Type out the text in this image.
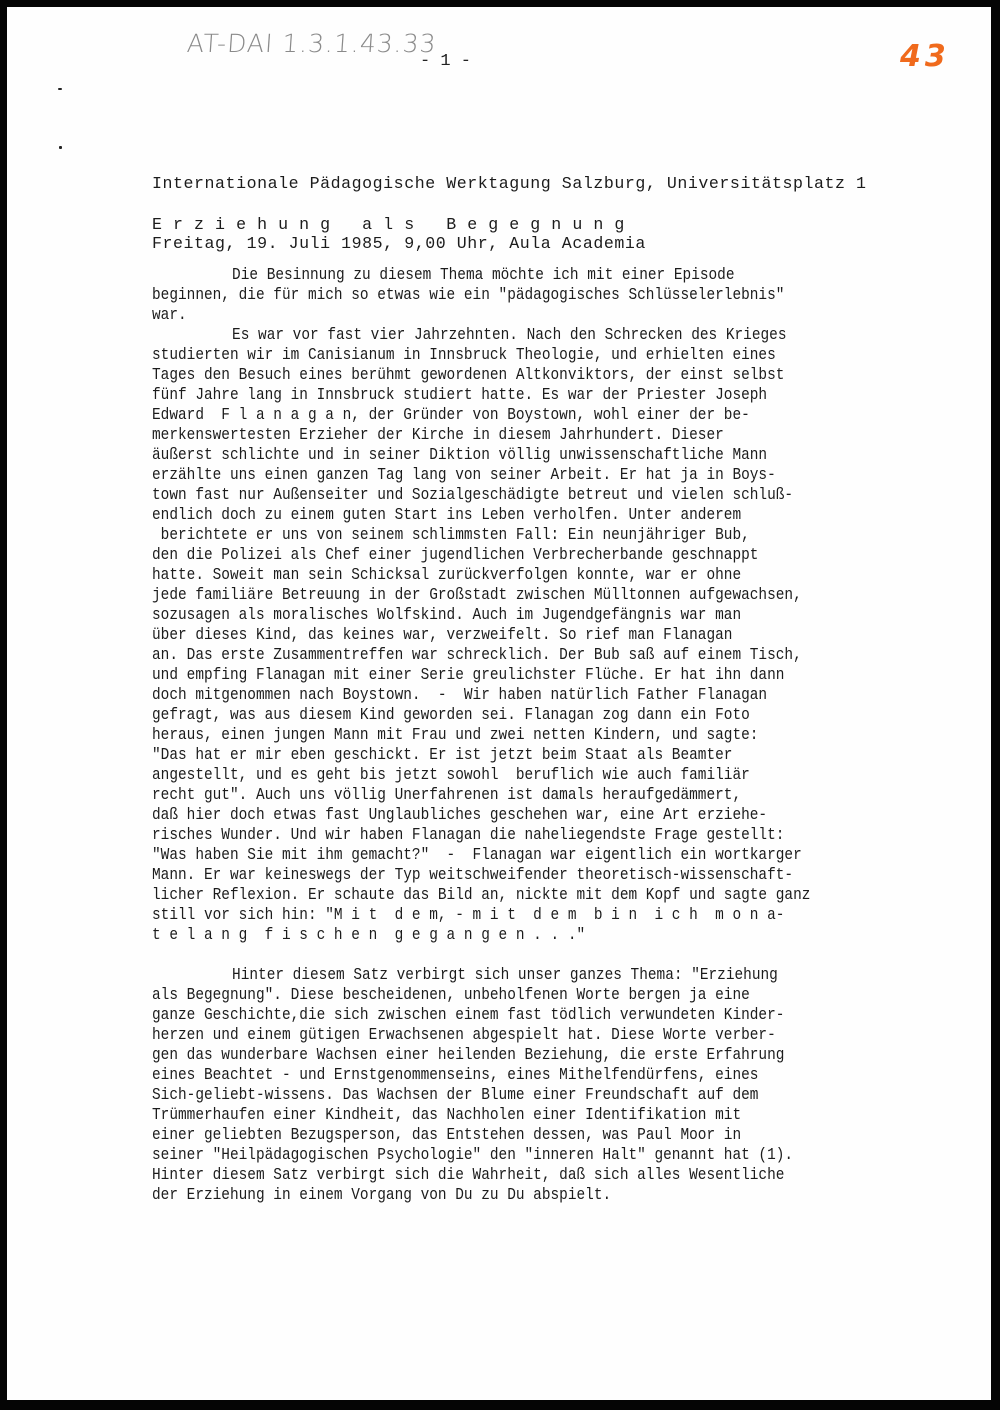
AT-DAI 1.3.1.43.33
- 1 -	43

Internationale Pädagogische Werktagung Salzburg, Universitätsplatz 1

Freitag, 19. Juli 1985, 9,00 Uhr, Aula Academia

E r z i e h u n g   a l s   B e g e g n u n g
Die Besinnung zu diesem Thema möchte ich mit einer Episode
beginnen, die für mich so etwas wie ein "pädagogisches Schlüsselerlebnis"
war.
Es war vor fast vier Jahrzehnten. Nach den Schrecken des Krieges
studierten wir im Canisianum in Innsbruck Theologie, und erhielten eines
Tages den Besuch eines berühmt gewordenen Altkonviktors, der einst selbst
fünf Jahre lang in Innsbruck studiert hatte. Es war der Priester Joseph
Edward  F l a n a g a n, der Gründer von Boystown, wohl einer der be-
merkenswertesten Erzieher der Kirche in diesem Jahrhundert. Dieser
äußerst schlichte und in seiner Diktion völlig unwissenschaftliche Mann
erzählte uns einen ganzen Tag lang von seiner Arbeit. Er hat ja in Boys-
town fast nur Außenseiter und Sozialgeschädigte betreut und vielen schluß-
endlich doch zu einem guten Start ins Leben verholfen. Unter anderem
berichtete er uns von seinem schlimmsten Fall: Ein neunjähriger Bub,
den die Polizei als Chef einer jugendlichen Verbrecherbande geschnappt
hatte. Soweit man sein Schicksal zurückverfolgen konnte, war er ohne
jede familiäre Betreuung in der Großstadt zwischen Mülltonnen aufgewachsen,
sozusagen als moralisches Wolfskind. Auch im Jugendgefängnis war man
über dieses Kind, das keines war, verzweifelt. So rief man Flanagan
an. Das erste Zusammentreffen war schrecklich. Der Bub saß auf einem Tisch,
und empfing Flanagan mit einer Serie greulichster Flüche. Er hat ihn dann
doch mitgenommen nach Boystown.  -  Wir haben natürlich Father Flanagan
gefragt, was aus diesem Kind geworden sei. Flanagan zog dann ein Foto
heraus, einen jungen Mann mit Frau und zwei netten Kindern, und sagte:
"Das hat er mir eben geschickt. Er ist jetzt beim Staat als Beamter
angestellt, und es geht bis jetzt sowohl  beruflich wie auch familiär
recht gut". Auch uns völlig Unerfahrenen ist damals heraufgedämmert,
daß hier doch etwas fast Unglaubliches geschehen war, eine Art erziehe-
risches Wunder. Und wir haben Flanagan die naheliegendste Frage gestellt:
"Was haben Sie mit ihm gemacht?"  -  Flanagan war eigentlich ein wortkarger
Mann. Er war keineswegs der Typ weitschweifender theoretisch-wissenschaft-
licher Reflexion. Er schaute das Bild an, nickte mit dem Kopf und sagte ganz
still vor sich hin: "M i t  d e m, - m i t  d e m  b i n  i c h  m o n a-
t e l a n g  f i s c h e n  g e g a n g e n . . ."
Hinter diesem Satz verbirgt sich unser ganzes Thema: "Erziehung
als Begegnung". Diese bescheidenen, unbeholfenen Worte bergen ja eine
ganze Geschichte,die sich zwischen einem fast tödlich verwundeten Kinder-
herzen und einem gütigen Erwachsenen abgespielt hat. Diese Worte verber-
gen das wunderbare Wachsen einer heilenden Beziehung, die erste Erfahrung
eines Beachtet - und Ernstgenommenseins, eines Mithelfendürfens, eines
Sich-geliebt-wissens. Das Wachsen der Blume einer Freundschaft auf dem
Trümmerhaufen einer Kindheit, das Nachholen einer Identifikation mit
einer geliebten Bezugsperson, das Entstehen dessen, was Paul Moor in
seiner "Heilpädagogischen Psychologie" den "inneren Halt" genannt hat (1).
Hinter diesem Satz verbirgt sich die Wahrheit, daß sich alles Wesentliche
der Erziehung in einem Vorgang von Du zu Du abspielt.
